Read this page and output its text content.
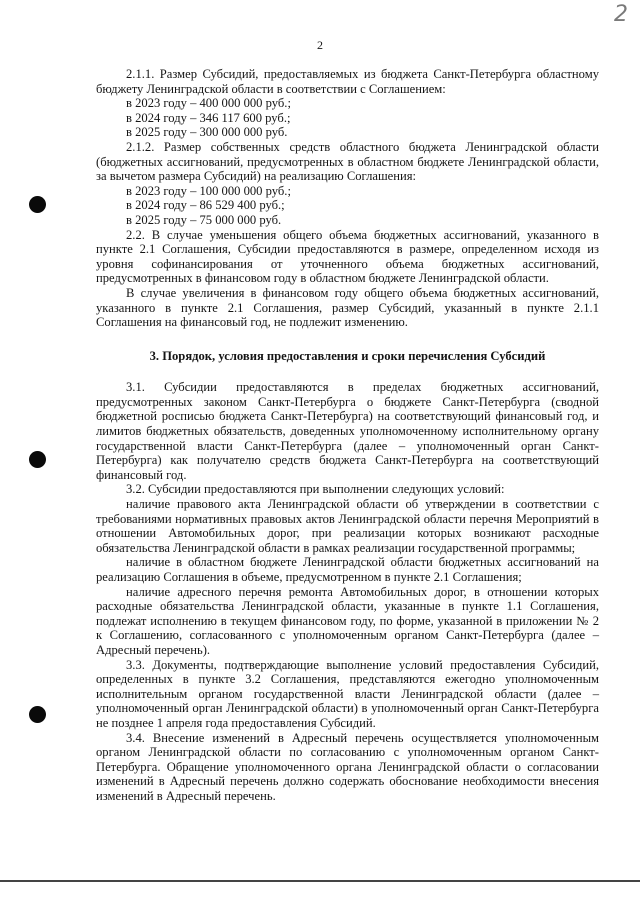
2
2

2.1.1. Размер Субсидий, предоставляемых из бюджета Санкт-Петербурга областному бюджету Ленинградской области в соответствии с Соглашением:

в 2023 году – 400 000 000 руб.;

в 2024 году – 346 117 600 руб.;

в 2025 году – 300 000 000 руб.

2.1.2. Размер собственных средств областного бюджета Ленинградской области (бюджетных ассигнований, предусмотренных в областном бюджете Ленинградской области, за вычетом размера Субсидий) на реализацию Соглашения:

в 2023 году – 100 000 000 руб.;

в 2024 году – 86 529 400 руб.;

в 2025 году – 75 000 000 руб.

2.2. В случае уменьшения общего объема бюджетных ассигнований, указанного в пункте 2.1 Соглашения, Субсидии предоставляются в размере, определенном исходя из уровня софинансирования от уточненного объема бюджетных ассигнований, предусмотренных в финансовом году в областном бюджете Ленинградской области.

В случае увеличения в финансовом году общего объема бюджетных ассигнований, указанного в пункте 2.1 Соглашения, размер Субсидий, указанный в пункте 2.1.1 Соглашения на финансовый год, не подлежит изменению.

3. Порядок, условия предоставления и сроки перечисления Субсидий

3.1. Субсидии предоставляются в пределах бюджетных ассигнований, предусмотренных законом Санкт-Петербурга о бюджете Санкт-Петербурга (сводной бюджетной росписью бюджета Санкт-Петербурга) на соответствующий финансовый год, и лимитов бюджетных обязательств, доведенных уполномоченному исполнительному органу государственной власти Санкт-Петербурга (далее – уполномоченный орган Санкт-Петербурга) как получателю средств бюджета Санкт-Петербурга на соответствующий финансовый год.

3.2. Субсидии предоставляются при выполнении следующих условий:

наличие правового акта Ленинградской области об утверждении в соответствии с требованиями нормативных правовых актов Ленинградской области перечня Мероприятий в отношении Автомобильных дорог, при реализации которых возникают расходные обязательства Ленинградской области в рамках реализации государственной программы;

наличие в областном бюджете Ленинградской области бюджетных ассигнований на реализацию Соглашения в объеме, предусмотренном в пункте 2.1 Соглашения;

наличие адресного перечня ремонта Автомобильных дорог, в отношении которых расходные обязательства Ленинградской области, указанные в пункте 1.1 Соглашения, подлежат исполнению в текущем финансовом году, по форме, указанной в приложении № 2 к Соглашению, согласованного с уполномоченным органом Санкт-Петербурга (далее – Адресный перечень).

3.3. Документы, подтверждающие выполнение условий предоставления Субсидий, определенных в пункте 3.2 Соглашения, представляются ежегодно уполномоченным исполнительным органом государственной власти Ленинградской области (далее – уполномоченный орган Ленинградской области) в уполномоченный орган Санкт-Петербурга не позднее 1 апреля года предоставления Субсидий.

3.4. Внесение изменений в Адресный перечень осуществляется уполномоченным органом Ленинградской области по согласованию с уполномоченным органом Санкт-Петербурга. Обращение уполномоченного органа Ленинградской области о согласовании изменений в Адресный перечень должно содержать обоснование необходимости внесения изменений в Адресный перечень.
